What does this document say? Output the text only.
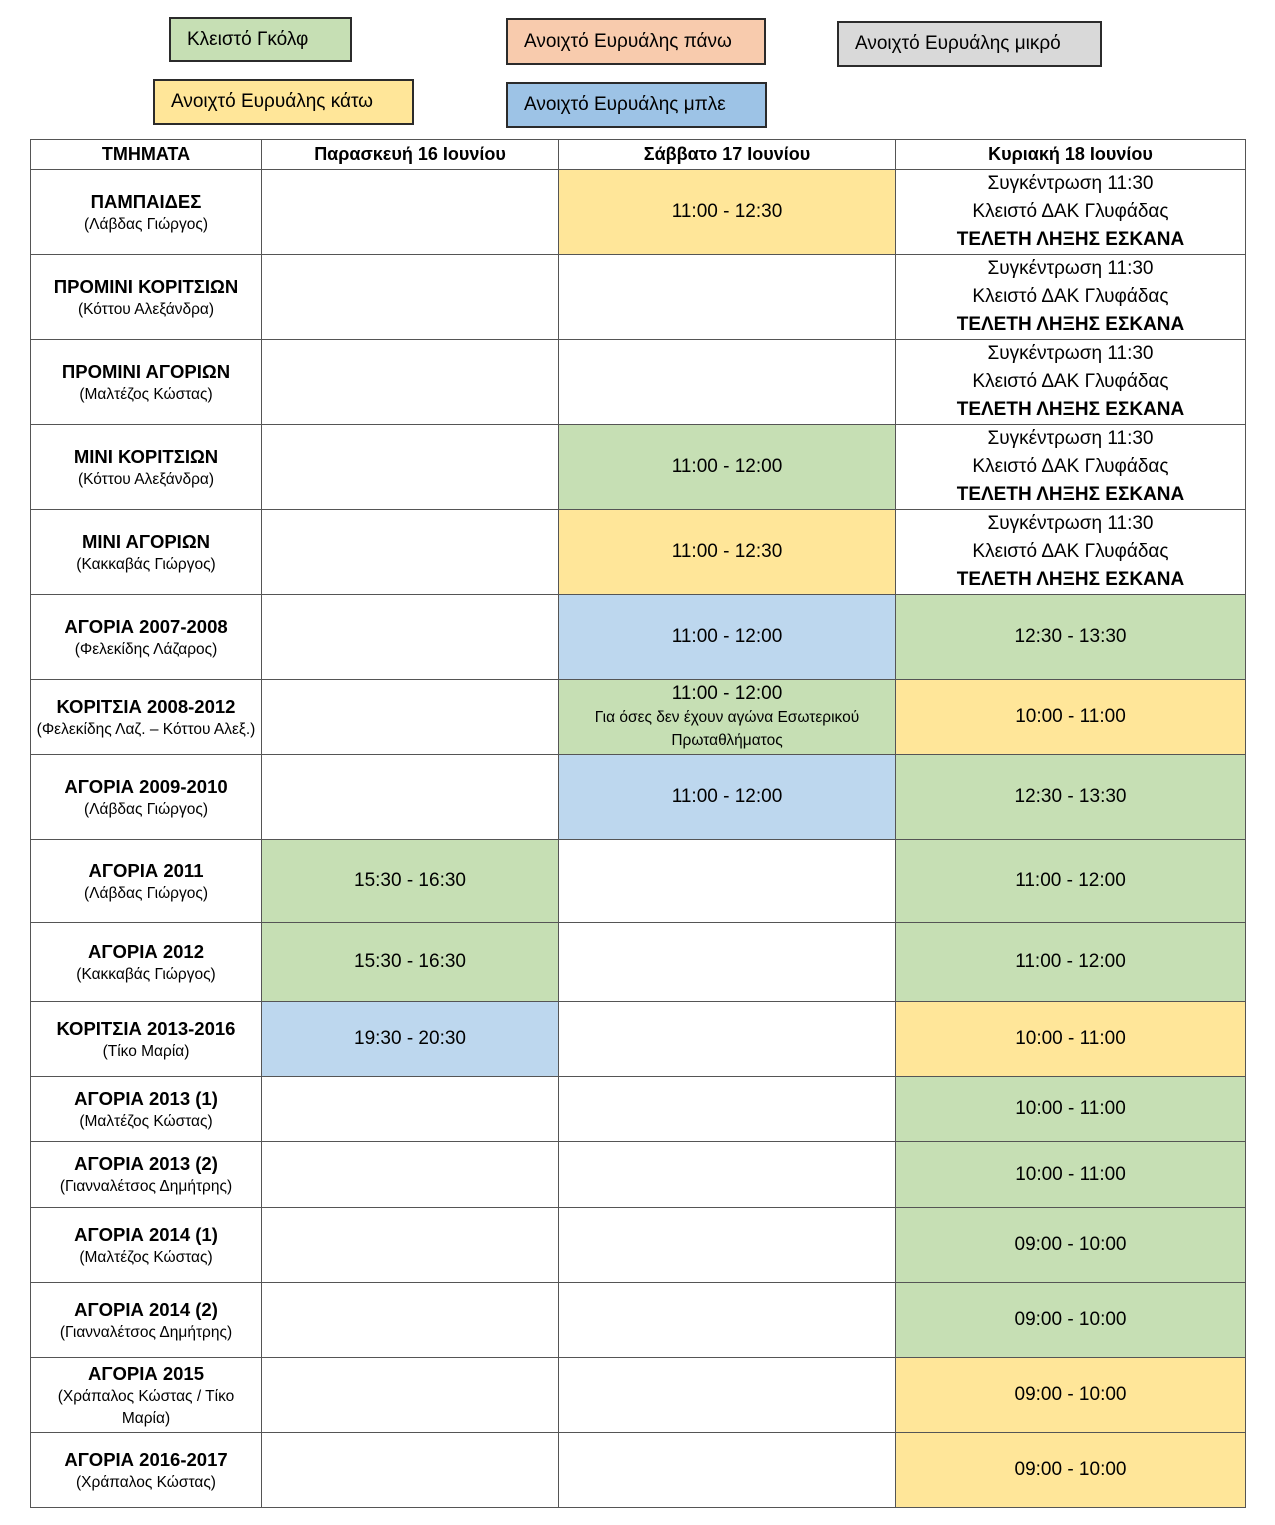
Κλειστό Γκόλφ	Ανοιχτό Ευρυάλης πάνω	Ανοιχτό Ευρυάλης μικρό
Ανοιχτό Ευρυάλης κάτω	Ανοιχτό Ευρυάλης μπλε
ΤΜΗΜΑΤΑ	Παρασκευή 16 Ιουνίου	Σάββατο 17 Ιουνίου	Κυριακή 18 Ιουνίου

ΠΑΜΠΑΙΔΕΣ
(Λάβδας Γιώργος)		11:00 - 12:30	Συγκέντρωση 11:30
Κλειστό ΔΑΚ Γλυφάδας
ΤΕΛΕΤΗ ΛΗΞΗΣ ΕΣΚΑΝΑ

ΠΡΟΜΙΝΙ ΚΟΡΙΤΣΙΩΝ
(Κόττου Αλεξάνδρα)			Συγκέντρωση 11:30
Κλειστό ΔΑΚ Γλυφάδας
ΤΕΛΕΤΗ ΛΗΞΗΣ ΕΣΚΑΝΑ

ΠΡΟΜΙΝΙ ΑΓΟΡΙΩΝ
(Μαλτέζος Κώστας)			Συγκέντρωση 11:30
Κλειστό ΔΑΚ Γλυφάδας
ΤΕΛΕΤΗ ΛΗΞΗΣ ΕΣΚΑΝΑ

ΜΙΝΙ ΚΟΡΙΤΣΙΩΝ
(Κόττου Αλεξάνδρα)		11:00 - 12:00	Συγκέντρωση 11:30
Κλειστό ΔΑΚ Γλυφάδας
ΤΕΛΕΤΗ ΛΗΞΗΣ ΕΣΚΑΝΑ

ΜΙΝΙ ΑΓΟΡΙΩΝ
(Κακκαβάς Γιώργος)		11:00 - 12:30	Συγκέντρωση 11:30
Κλειστό ΔΑΚ Γλυφάδας
ΤΕΛΕΤΗ ΛΗΞΗΣ ΕΣΚΑΝΑ

ΑΓΟΡΙΑ 2007-2008
(Φελεκίδης Λάζαρος)		11:00 - 12:00	12:30 - 13:30

ΚΟΡΙΤΣΙΑ 2008-2012
(Φελεκίδης Λαζ. – Κόττου Αλεξ.)		11:00 - 12:00
Για όσες δεν έχουν αγώνα Εσωτερικού Πρωταθλήματος	10:00 - 11:00

ΑΓΟΡΙΑ 2009-2010
(Λάβδας Γιώργος)		11:00 - 12:00	12:30 - 13:30

ΑΓΟΡΙΑ 2011
(Λάβδας Γιώργος)	15:30 - 16:30		11:00 - 12:00

ΑΓΟΡΙΑ 2012
(Κακκαβάς Γιώργος)	15:30 - 16:30		11:00 - 12:00

ΚΟΡΙΤΣΙΑ 2013-2016
(Τίκο Μαρία)	19:30 - 20:30		10:00 - 11:00

ΑΓΟΡΙΑ 2013 (1)
(Μαλτέζος Κώστας)			10:00 - 11:00

ΑΓΟΡΙΑ 2013 (2)
(Γιανναλέτσος Δημήτρης)			10:00 - 11:00

ΑΓΟΡΙΑ 2014 (1)
(Μαλτέζος Κώστας)			09:00 - 10:00

ΑΓΟΡΙΑ 2014 (2)
(Γιανναλέτσος Δημήτρης)			09:00 - 10:00

ΑΓΟΡΙΑ 2015
(Χράπαλος Κώστας / Τίκο Μαρία)			09:00 - 10:00

ΑΓΟΡΙΑ 2016-2017
(Χράπαλος Κώστας)			09:00 - 10:00
